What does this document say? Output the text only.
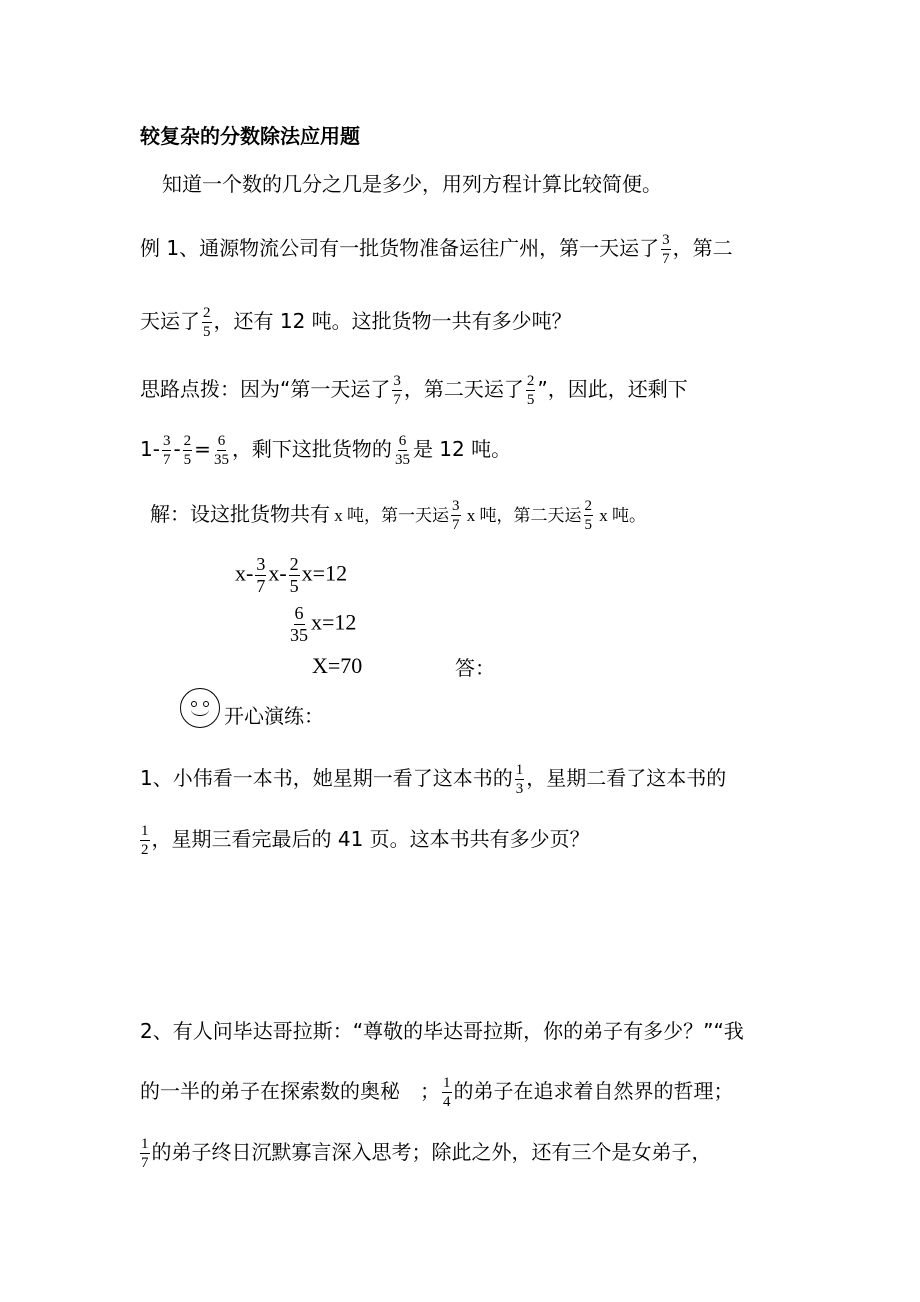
较复杂的分数除法应用题
知道一个数的几分之几是多少，用列方程计算比较简便。
例 1、通源物流公司有一批货物准备运往广州，第一天运了 $\frac{3}{7}$ ，第二
天运了 $\frac{2}{5}$ ，还有 12 吨。这批货物一共有多少吨？
思路点拨：因为“第一天运了 $\frac{3}{7}$ ，第二天运了 $\frac{2}{5}$ ”，因此，还剩下
$1- \frac{3}{7} - \frac{2}{5} = \frac{6}{35}$ ，剩下这批货物的 $\frac{6}{35}$ 是 12 吨。
解：设这批货物共有 x 吨，第一天运 $\frac{3}{7}$ x 吨，第二天运 $\frac{2}{5}$ x 吨。
$x- \frac{3}{7} x- \frac{2}{5} x=12$
$\frac{6}{35} x=12$
X=70	答：
开心演练：
1、小伟看一本书，她星期一看了这本书的 $\frac{1}{3}$ ，星期二看了这本书的
$\frac{1}{2}$ ，星期三看完最后的 41 页。这本书共有多少页？
2、有人问毕达哥拉斯：“尊敬的毕达哥拉斯，你的弟子有多少？”“我
的一半的弟子在探索数的奥秘　； $\frac{1}{4}$ 的弟子在追求着自然界的哲理；
$\frac{1}{7}$ 的弟子终日沉默寡言深入思考；除此之外，还有三个是女弟子，
